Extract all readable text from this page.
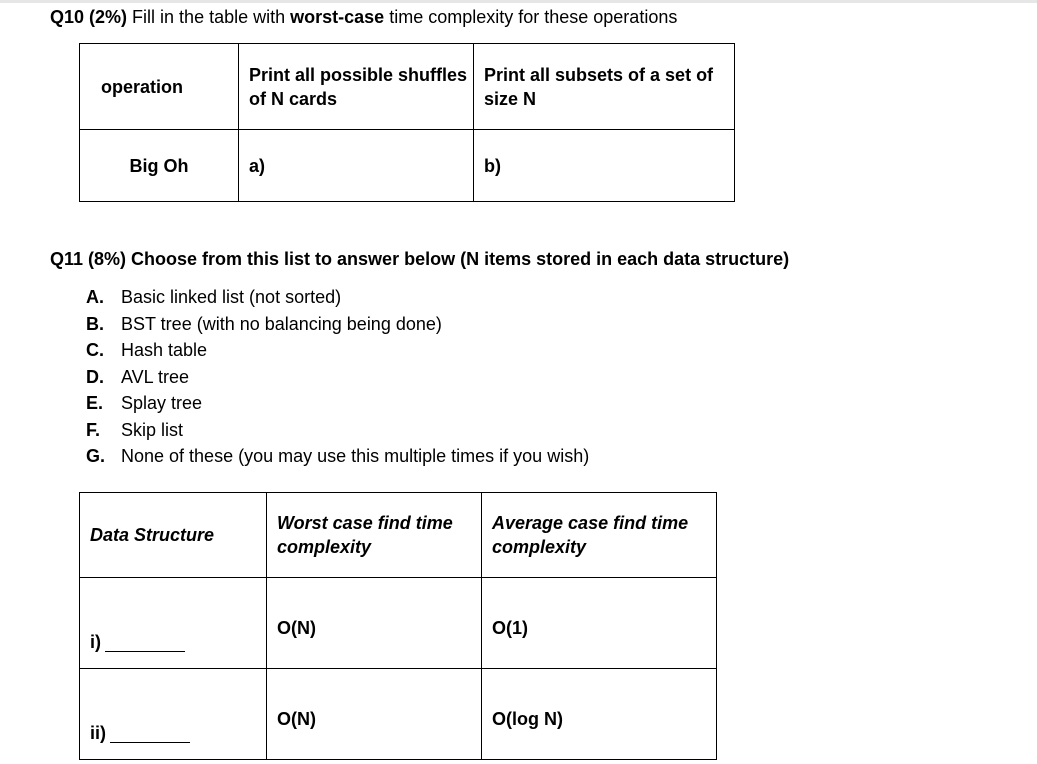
Q10 (2%) Fill in the table with worst-case time complexity for these operations
operation	Print all possible shuffles of N cards	Print all subsets of a set of size N
Big Oh	a)	b)
Q11 (8%) Choose from this list to answer below (N items stored in each data structure)
A. Basic linked list (not sorted)
B. BST tree (with no balancing being done)
C. Hash table
D. AVL tree
E. Splay tree
F. Skip list
G. None of these (you may use this multiple times if you wish)
Data Structure	Worst case find time complexity	Average case find time complexity
i)	O(N)	O(1)
ii)	O(N)	O(log N)
